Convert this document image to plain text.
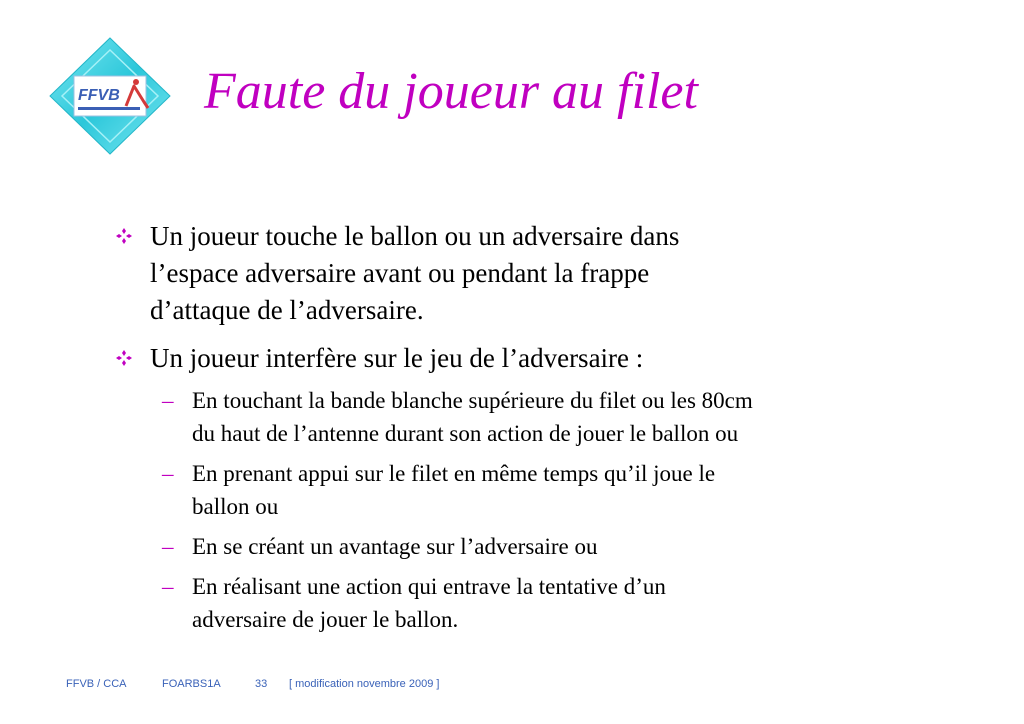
FFVB Faute du joueur au filet
Un joueur touche le ballon ou un adversaire dans
l’espace adversaire avant ou pendant la frappe
d’attaque de l’adversaire.
Un joueur interfère sur le jeu de l’adversaire :
– En touchant la bande blanche supérieure du filet ou les 80cm
du haut de l’antenne durant son action de jouer le ballon ou
– En prenant appui sur le filet en même temps qu’il joue le
ballon ou
– En se créant un avantage sur l’adversaire ou
– En réalisant une action qui entrave la tentative d’un
adversaire de jouer le ballon.
FFVB / CCA	FOARBS1A	33 [ modification novembre 2009 ]
